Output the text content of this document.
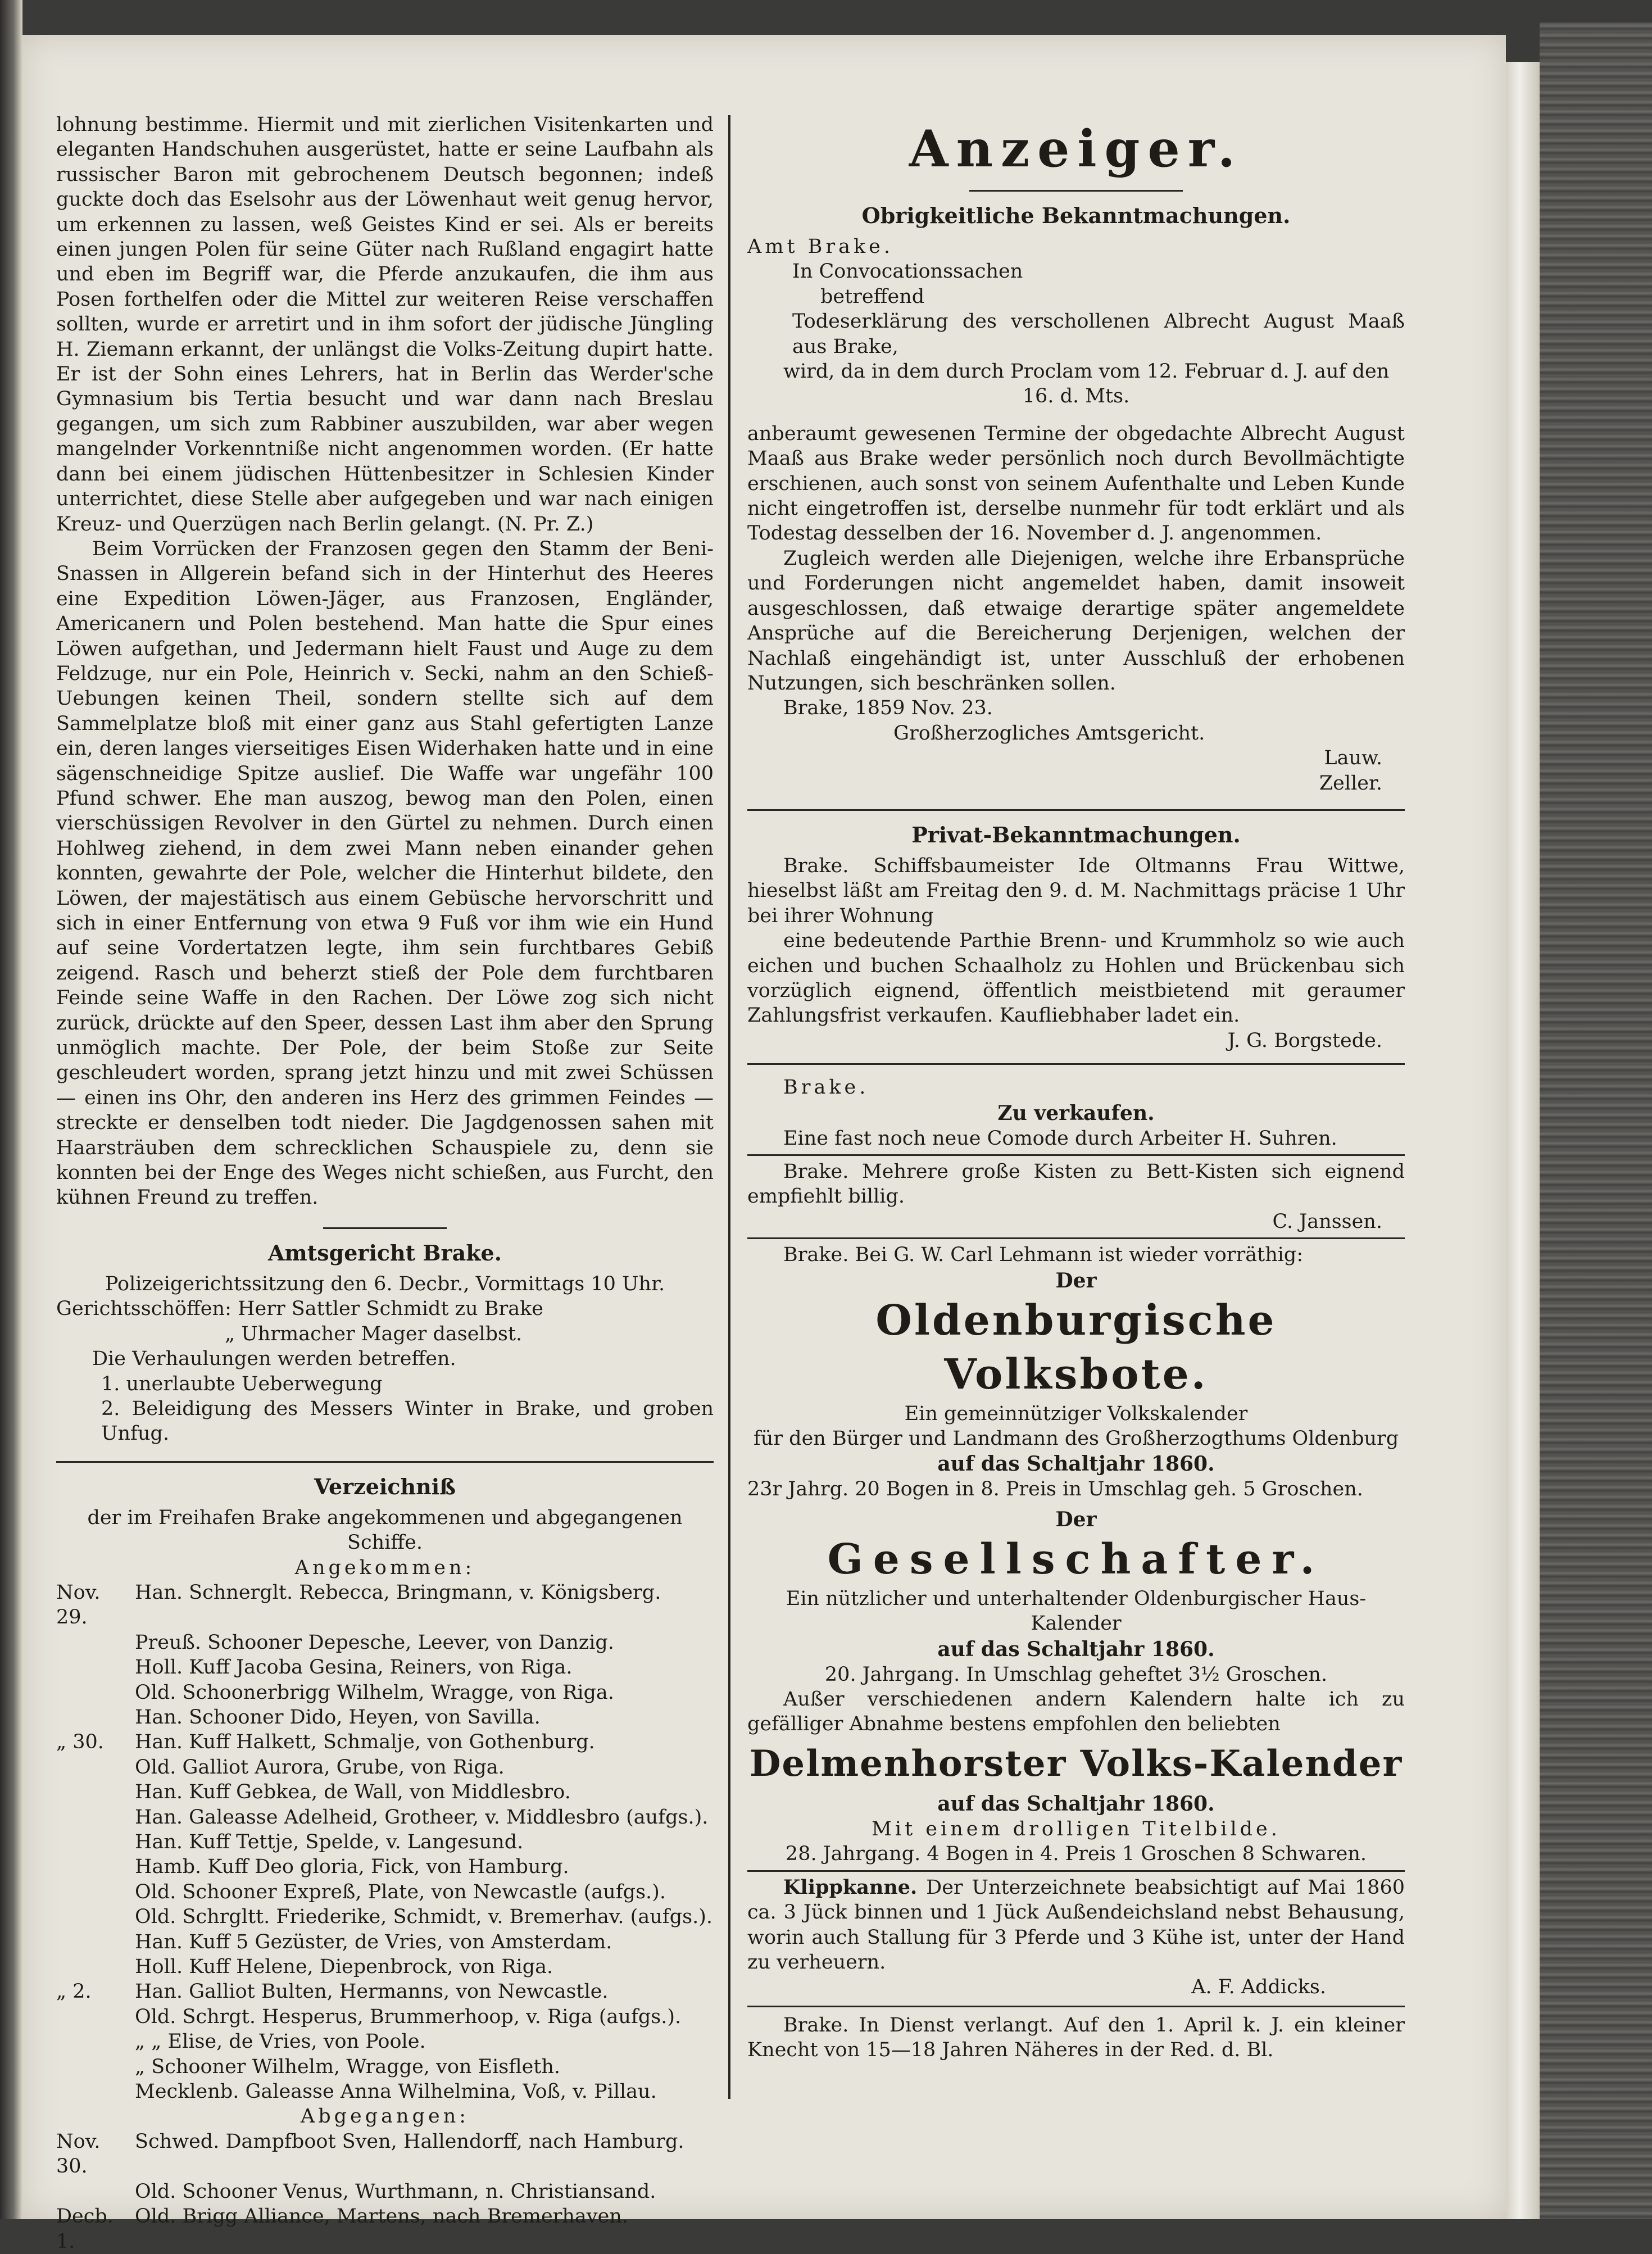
lohnung bestimme. Hiermit und mit zierlichen Visitenkarten und eleganten Handschuhen ausgerüstet, hatte er seine Laufbahn als russischer Baron mit gebrochenem Deutsch begonnen; indeß guckte doch das Eselsohr aus der Löwenhaut weit genug hervor, um erkennen zu lassen, weß Geistes Kind er sei. Als er bereits einen jungen Polen für seine Güter nach Rußland engagirt hatte und eben im Begriff war, die Pferde anzukaufen, die ihm aus Posen forthelfen oder die Mittel zur weiteren Reise verschaffen sollten, wurde er arretirt und in ihm sofort der jüdische Jüngling H. Ziemann erkannt, der unlängst die Volks-Zeitung dupirt hatte. Er ist der Sohn eines Lehrers, hat in Berlin das Werder'sche Gymnasium bis Tertia besucht und war dann nach Breslau gegangen, um sich zum Rabbiner auszubilden, war aber wegen mangelnder Vorkenntniße nicht angenommen worden. (Er hatte dann bei einem jüdischen Hüttenbesitzer in Schlesien Kinder unterrichtet, diese Stelle aber aufgegeben und war nach einigen Kreuz- und Querzügen nach Berlin gelangt. (N. Pr. Z.)

Beim Vorrücken der Franzosen gegen den Stamm der Beni-Snassen in Allgerein befand sich in der Hinterhut des Heeres eine Expedition Löwen-Jäger, aus Franzosen, Engländer, Americanern und Polen bestehend. Man hatte die Spur eines Löwen aufgethan, und Jedermann hielt Faust und Auge zu dem Feldzuge, nur ein Pole, Heinrich v. Secki, nahm an den Schieß-Uebungen keinen Theil, sondern stellte sich auf dem Sammelplatze bloß mit einer ganz aus Stahl gefertigten Lanze ein, deren langes vierseitiges Eisen Widerhaken hatte und in eine sägenschneidige Spitze auslief. Die Waffe war ungefähr 100 Pfund schwer. Ehe man auszog, bewog man den Polen, einen vierschüssigen Revolver in den Gürtel zu nehmen. Durch einen Hohlweg ziehend, in dem zwei Mann neben einander gehen konnten, gewahrte der Pole, welcher die Hinterhut bildete, den Löwen, der majestätisch aus einem Gebüsche hervorschritt und sich in einer Entfernung von etwa 9 Fuß vor ihm wie ein Hund auf seine Vordertatzen legte, ihm sein furchtbares Gebiß zeigend. Rasch und beherzt stieß der Pole dem furchtbaren Feinde seine Waffe in den Rachen. Der Löwe zog sich nicht zurück, drückte auf den Speer, dessen Last ihm aber den Sprung unmöglich machte. Der Pole, der beim Stoße zur Seite geschleudert worden, sprang jetzt hinzu und mit zwei Schüssen — einen ins Ohr, den anderen ins Herz des grimmen Feindes — streckte er denselben todt nieder. Die Jagdgenossen sahen mit Haarsträuben dem schrecklichen Schauspiele zu, denn sie konnten bei der Enge des Weges nicht schießen, aus Furcht, den kühnen Freund zu treffen.

Amtsgericht Brake.

Polizeigerichtssitzung den 6. Decbr., Vormittags 10 Uhr.

Gerichtsschöffen: Herr Sattler Schmidt zu Brake

„ Uhrmacher Mager daselbst.

Die Verhaulungen werden betreffen.

1. unerlaubte Ueberwegung

2. Beleidigung des Messers Winter in Brake, und groben Unfug.

Verzeichniß

der im Freihafen Brake angekommenen und abgegangenen Schiffe.

Angekommen:

Nov. 29.
Han. Schnerglt. Rebecca, Bringmann, v. Königsberg.
Preuß. Schooner Depesche, Leever, von Danzig.
Holl. Kuff Jacoba Gesina, Reiners, von Riga.
Old. Schoonerbrigg Wilhelm, Wragge, von Riga.
Han. Schooner Dido, Heyen, von Savilla.
„ 30.	Han. Kuff Halkett, Schmalje, von Gothenburg.
Old. Galliot Aurora, Grube, von Riga.
Han. Kuff Gebkea, de Wall, von Middlesbro.
Han. Galeasse Adelheid, Grotheer, v. Middlesbro (aufgs.).
Han. Kuff Tettje, Spelde, v. Langesund.
Hamb. Kuff Deo gloria, Fick, von Hamburg.
Old. Schooner Expreß, Plate, von Newcastle (aufgs.).
Old. Schrgltt. Friederike, Schmidt, v. Bremerhav. (aufgs.).
Han. Kuff 5 Gezüster, de Vries, von Amsterdam.
Holl. Kuff Helene, Diepenbrock, von Riga.
„ 2.	Han. Galliot Bulten, Hermanns, von Newcastle.
Old. Schrgt. Hesperus, Brummerhoop, v. Riga (aufgs.).
„ „ Elise, de Vries, von Poole.
„ Schooner Wilhelm, Wragge, von Eisfleth.
Mecklenb. Galeasse Anna Wilhelmina, Voß, v. Pillau.

Abgegangen:

Nov. 30.
Schwed. Dampfboot Sven, Hallendorff, nach Hamburg.
Old. Schooner Venus, Wurthmann, n. Christiansand.
Decb. 1.
Old. Brigg Alliance, Martens, nach Bremerhaven.
Anzeiger.
Obrigkeitliche Bekanntmachungen.

Amt Brake.

In Convocationssachen

betreffend

Todeserklärung des verschollenen Albrecht August Maaß aus Brake,

wird, da in dem durch Proclam vom 12. Februar d. J. auf den

16. d. Mts.

anberaumt gewesenen Termine der obgedachte Albrecht August Maaß aus Brake weder persönlich noch durch Bevollmächtigte erschienen, auch sonst von seinem Aufenthalte und Leben Kunde nicht eingetroffen ist, derselbe nunmehr für todt erklärt und als Todestag desselben der 16. November d. J. angenommen.

Zugleich werden alle Diejenigen, welche ihre Erbansprüche und Forderungen nicht angemeldet haben, damit insoweit ausgeschlossen, daß etwaige derartige später angemeldete Ansprüche auf die Bereicherung Derjenigen, welchen der Nachlaß eingehändigt ist, unter Ausschluß der erhobenen Nutzungen, sich beschränken sollen.

Brake, 1859 Nov. 23.

Großherzogliches Amtsgericht.

Lauw.

Zeller.

Privat-Bekanntmachungen.

Brake. Schiffsbaumeister Ide Oltmanns Frau Wittwe, hieselbst läßt am Freitag den 9. d. M. Nachmittags präcise 1 Uhr bei ihrer Wohnung

eine bedeutende Parthie Brenn- und Krummholz so wie auch eichen und buchen Schaalholz zu Hohlen und Brückenbau sich vorzüglich eignend, öffentlich meistbietend mit geraumer Zahlungsfrist verkaufen. Kaufliebhaber ladet ein.

J. G. Borgstede.

Brake.

Zu verkaufen.

Eine fast noch neue Comode durch Arbeiter H. Suhren.

Brake. Mehrere große Kisten zu Bett-Kisten sich eignend empfiehlt billig.

C. Janssen.

Brake. Bei G. W. Carl Lehmann ist wieder vorräthig:

Der
Oldenburgische Volksbote.

Ein gemeinnütziger Volkskalender

für den Bürger und Landmann des Großherzogthums Oldenburg

auf das Schaltjahr 1860.

23r Jahrg. 20 Bogen in 8. Preis in Umschlag geh. 5 Groschen.

Der
Gesellschafter.

Ein nützlicher und unterhaltender Oldenburgischer Haus-Kalender

auf das Schaltjahr 1860.

20. Jahrgang. In Umschlag geheftet 3½ Groschen.

Außer verschiedenen andern Kalendern halte ich zu gefälliger Abnahme bestens empfohlen den beliebten

Delmenhorster Volks-Kalender
auf das Schaltjahr 1860.

Mit einem drolligen Titelbilde.

28. Jahrgang. 4 Bogen in 4. Preis 1 Groschen 8 Schwaren.

Klippkanne. Der Unterzeichnete beabsichtigt auf Mai 1860 ca. 3 Jück binnen und 1 Jück Außendeichsland nebst Behausung, worin auch Stallung für 3 Pferde und 3 Kühe ist, unter der Hand zu verheuern.

A. F. Addicks.

Brake. In Dienst verlangt. Auf den 1. April k. J. ein kleiner Knecht von 15—18 Jahren Näheres in der Red. d. Bl.
